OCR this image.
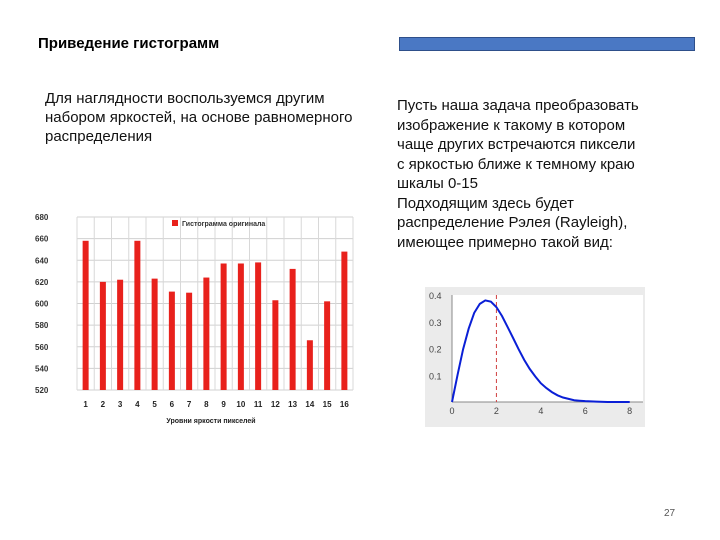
Приведение гистограмм
Для наглядности воспользуемся другим набором яркостей, на основе равномерного распределения
Пусть наша задача преобразовать
изображение к такому в котором
чаще других встречаются пиксели
с яркостью ближе к темному краю
шкалы 0-15
Подходящим здесь будет
распределение Рэлея (Rayleigh),
имеющее примерно такой вид:
520
540
560
580
600
620
640
660
680
1 2 3 4 5 6 7 8 9 10 11 12 13 14 15 16
Гистограмма оригинала
Уровни яркости пикселей
0.1
0.2
0.3
0.4
0	2	4	6	8
27
